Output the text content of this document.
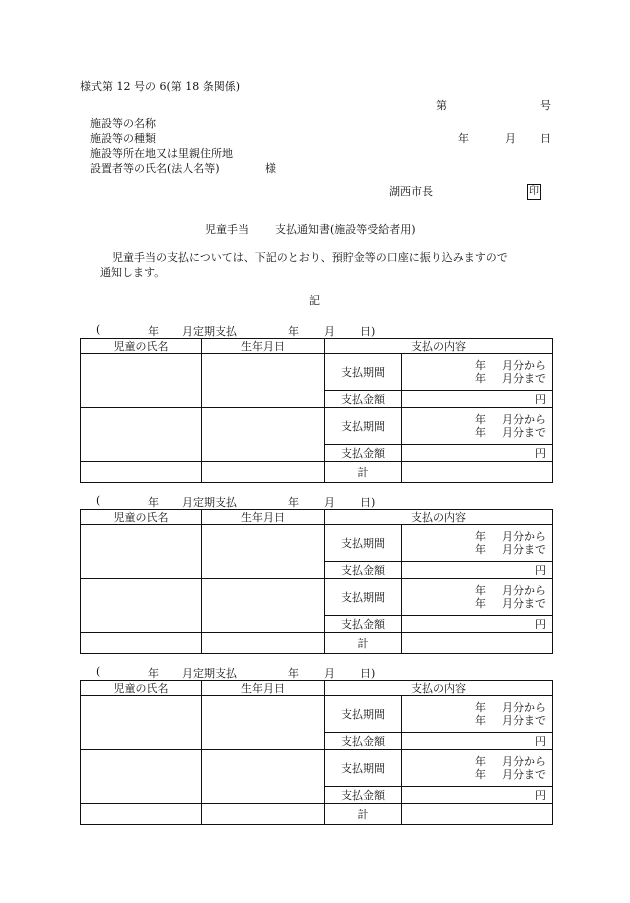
様式第 12 号の 6(第 18 条関係)
第	号
施設等の名称
施設等の種類
施設等所在地又は里親住所地
設置者等の氏名(法人名等)	様
年	月 日
湖西市長	印
児童手当 支払通知書(施設等受給者用)
児童手当の支払については、下記のとおり、預貯金等の口座に振り込みますので
通知します。
記
(	年 月定期支払	年 月 日)
児童の氏名	生年月日	支払の内容	
		支払期間	年 月分から
年 月分まで

		支払金額	円
		支払期間	年 月分から
年 月分まで

		支払金額	円
		計	
(	年 月定期支払	年 月 日)
児童の氏名	生年月日	支払の内容	
		支払期間	年 月分から
年 月分まで

		支払金額	円
		支払期間	年 月分から
年 月分まで

		支払金額	円
		計	
(	年 月定期支払	年 月 日)
児童の氏名	生年月日	支払の内容	
		支払期間	年 月分から
年 月分まで

		支払金額	円
		支払期間	年 月分から
年 月分まで

		支払金額	円
		計	
